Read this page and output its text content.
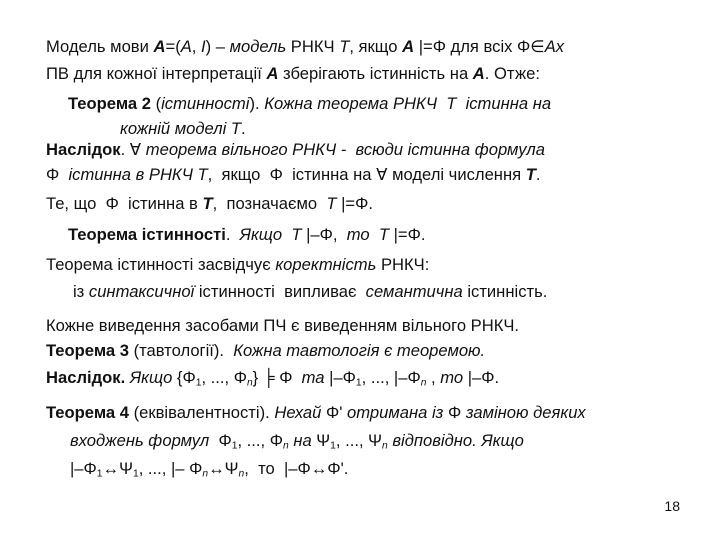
Модель мови A=(A, I) – модель РНКЧ T, якщо A |=Φ для всіх Φ∈Ax
ПВ для кожної інтерпретації A зберігають істинність на A. Отже:
Теорема 2 (істинності). Кожна теорема РНКЧ  T  істинна на
кожній моделі T.
Наслідок. ∀ теорема вільного РНКЧ -  всюди істинна формула
Φ  істинна в РНКЧ T,  якщо  Φ  істинна на ∀ моделі числення T.
Те, що  Φ  істинна в T,  позначаємо  T |=Φ.
Теорема істинності.  Якщо  T |–Φ,  то  T |=Φ.
Теорема істинності засвідчує коректність РНКЧ:
із синтаксичної істинності  випливає  семантична істинність.
Кожне виведення засобами ПЧ є виведенням вільного РНКЧ.
Теорема 3 (тавтології).  Кожна тавтологія є теоремою.
Наслідок. Якщо {$\Phi_1$, ..., $\Phi_n$} ╞ Φ  та $|-\Phi_1$, ..., $|-\Phi_n$ , то |–Φ.
Теорема 4 (еквівалентності). Нехай Φ' отримана із Φ заміною деяких
входжень формул  $\Phi_1$, ..., $\Phi_n$ на $\Psi_1$, ..., $\Psi_n$ відповідно. Якщо
$|-\Phi_1\leftrightarrow\Psi_1$, ..., |– $\Phi_n\leftrightarrow\Psi_n$,  то  |–Φ↔Φ'.
18
